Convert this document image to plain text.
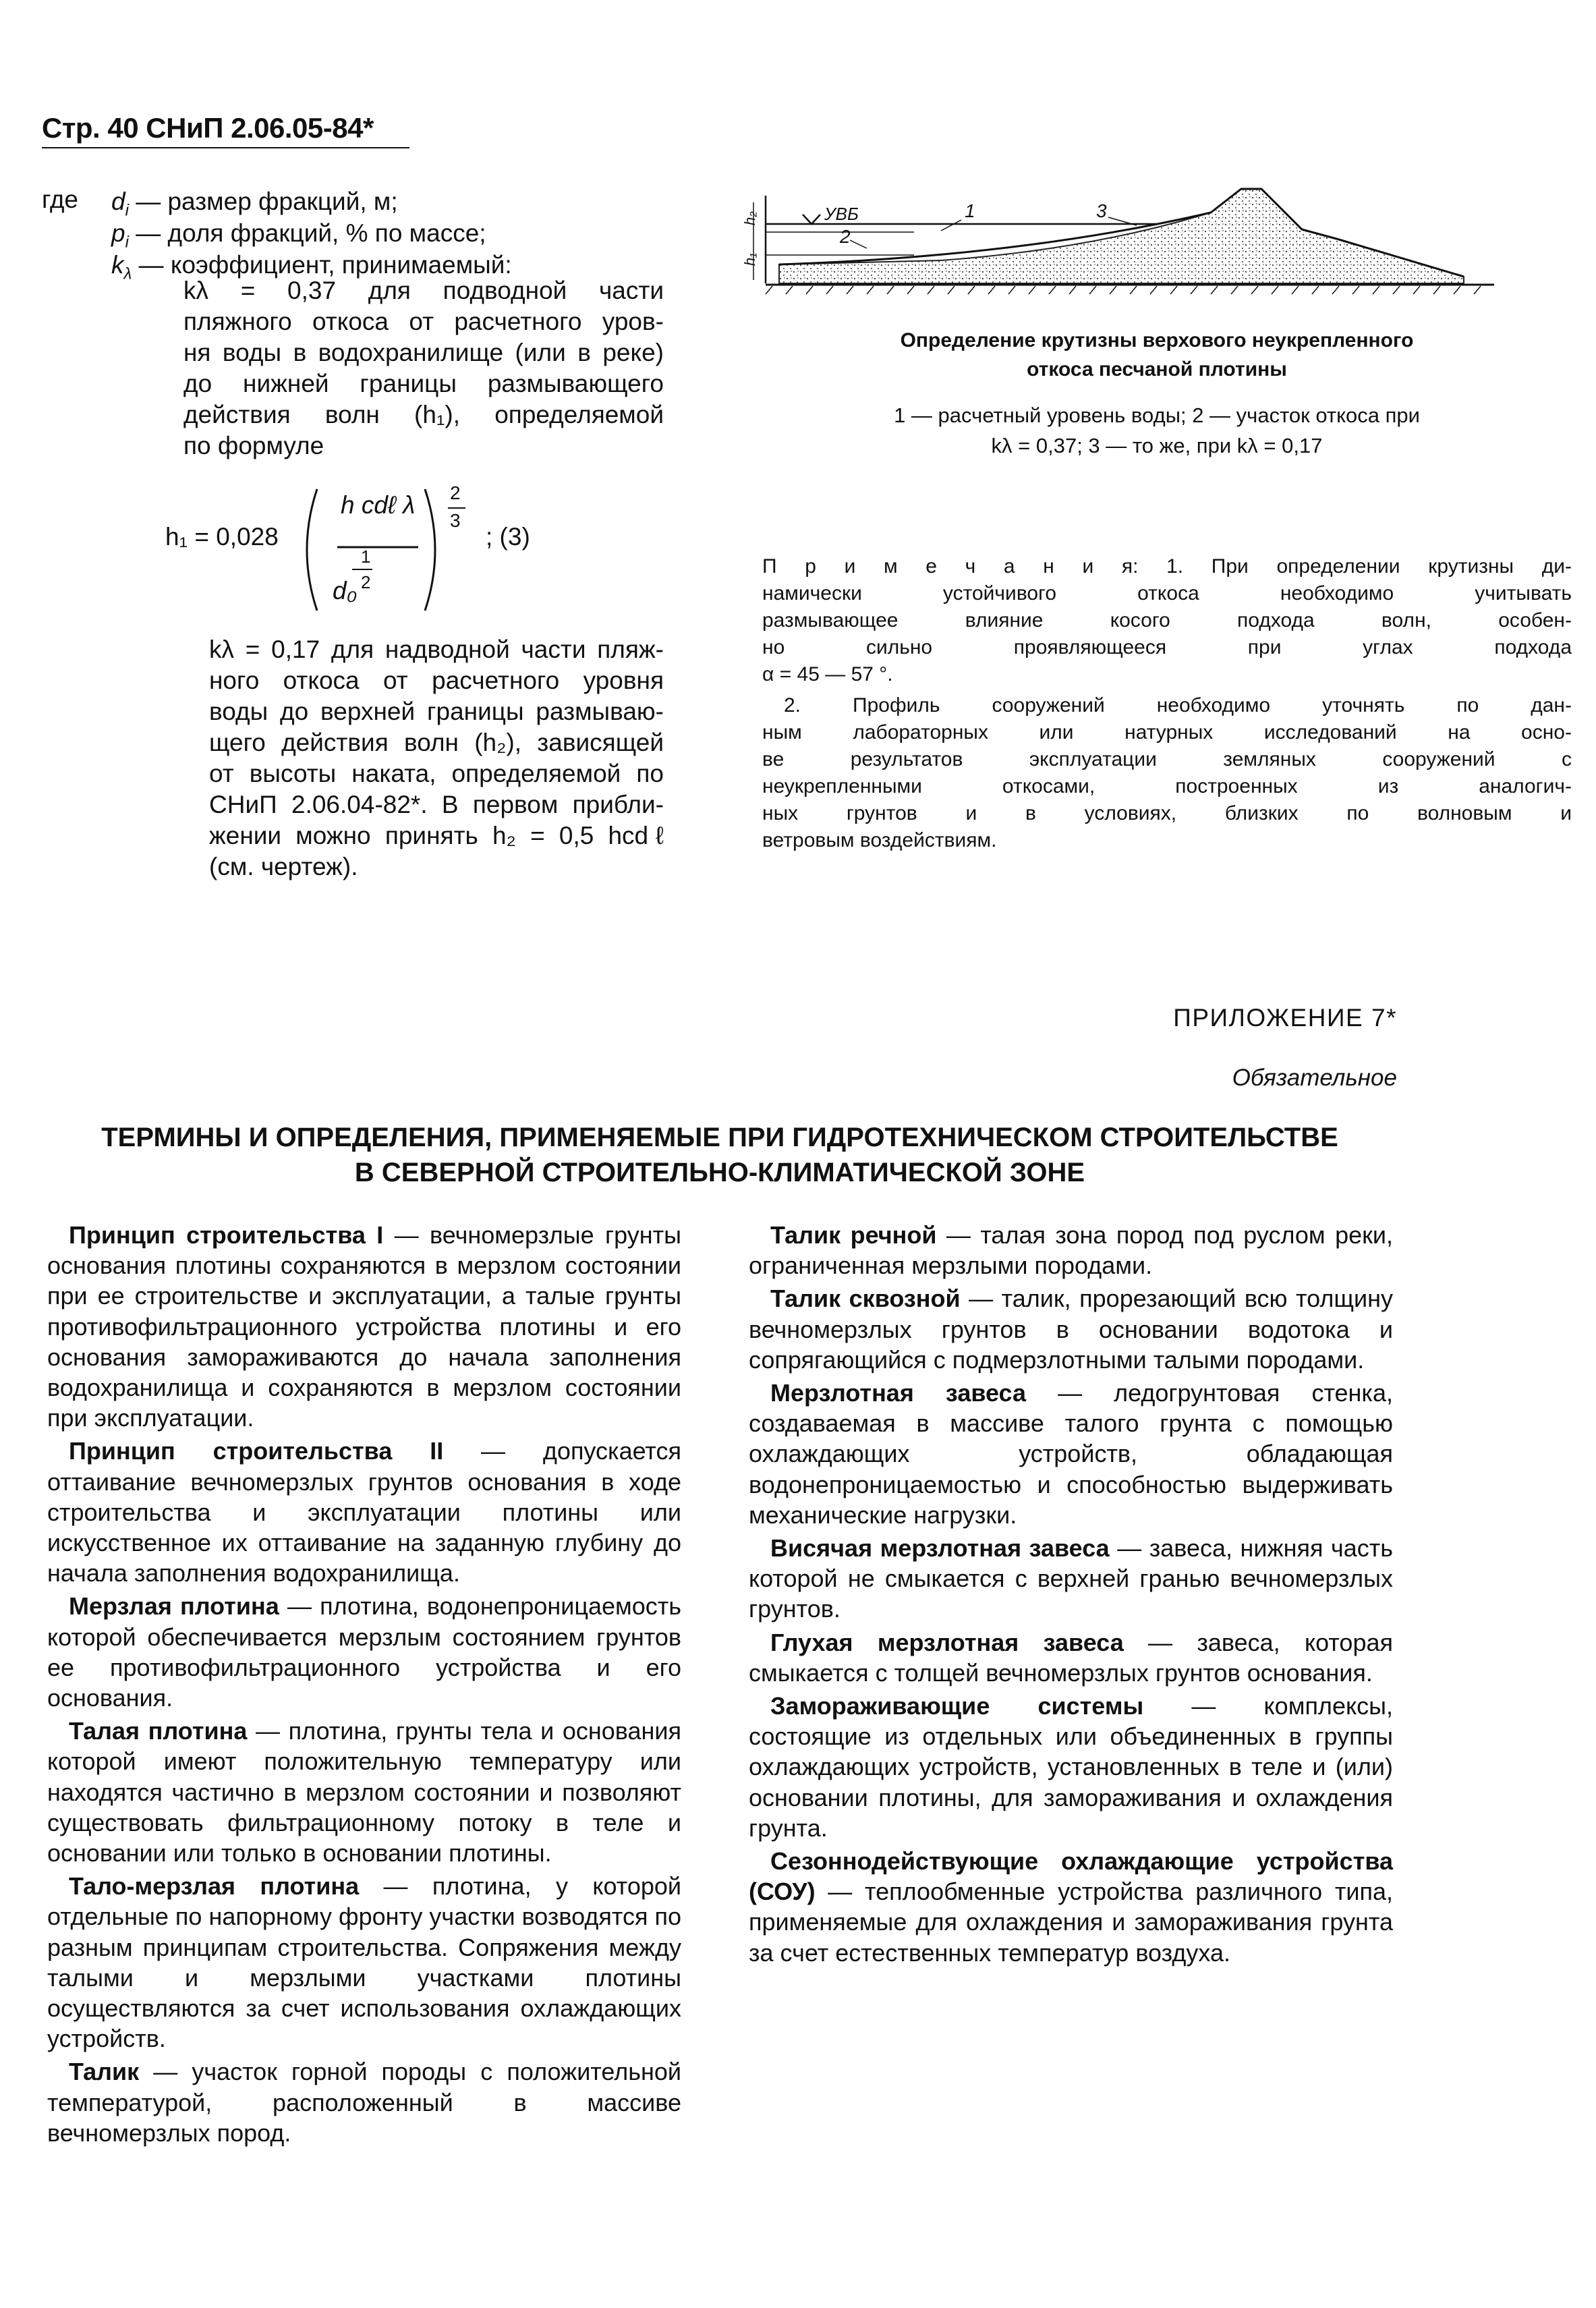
Стр. 40 СНиП 2.06.05-84*
где $d_i$ — размер фракций, м;
$p_i$ — доля фракций, % по массе;
$k_\lambda$ — коэффициент, принимаемый:
kλ = 0,37 для подводной части
пляжного откоса от расчетного уров-
ня воды в водохранилище (или в реке)
до нижней границы размывающего
действия волн (h₁), определяемой
по формуле
h₁ = 0,028
h cdℓ λ
1
2
d₀
2
3
; (3)
kλ = 0,17 для надводной части пляж-
ного откоса от расчетного уровня
воды до верхней границы размываю-
щего действия волн (h₂), зависящей
от высоты наката, определяемой по
СНиП 2.06.04-82*. В первом прибли-
жении можно принять h₂ = 0,5 hcdℓ
(см. чертеж).
УВБ	1
2
3
h₂
h₁
Определение крутизны верхового неукрепленного
откоса песчаной плотины
1 — расчетный уровень воды; 2 — участок откоса при
kλ = 0,37; 3 — то же, при kλ = 0,17
П р и м е ч а н и я: 1. При определении крутизны ди-
намически устойчивого откоса необходимо учитывать
размывающее влияние косого подхода волн, особен-
но сильно проявляющееся при углах подхода
α = 45 — 57 °.
2. Профиль сооружений необходимо уточнять по дан-
ным лабораторных или натурных исследований на осно-
ве результатов эксплуатации земляных сооружений с
неукрепленными откосами, построенных из аналогич-
ных грунтов и в условиях, близких по волновым и
ветровым воздействиям.
ПРИЛОЖЕНИЕ 7*
Обязательное
ТЕРМИНЫ И ОПРЕДЕЛЕНИЯ, ПРИМЕНЯЕМЫЕ ПРИ ГИДРОТЕХНИЧЕСКОМ СТРОИТЕЛЬСТВЕ
В СЕВЕРНОЙ СТРОИТЕЛЬНО-КЛИМАТИЧЕСКОЙ ЗОНЕ

Принцип строительства I — вечномерзлые грунты основания плотины сохраняются в мерзлом состоянии при ее строительстве и эксплуатации, а талые грунты противофильтрационного устройства плотины и его основания замораживаются до начала заполнения водохранилища и сохраняются в мерзлом состоянии при эксплуатации.

Принцип строительства II — допускается оттаивание вечномерзлых грунтов основания в ходе строительства и эксплуатации плотины или искусственное их оттаивание на заданную глубину до начала заполнения водохранилища.

Мерзлая плотина — плотина, водонепроницаемость которой обеспечивается мерзлым состоянием грунтов ее противофильтрационного устройства и его основания.

Талая плотина — плотина, грунты тела и основания которой имеют положительную температуру или находятся частично в мерзлом состоянии и позволяют существовать фильтрационному потоку в теле и основании или только в основании плотины.

Тало-мерзлая плотина — плотина, у которой отдельные по напорному фронту участки возводятся по разным принципам строительства. Сопряжения между талыми и мерзлыми участками плотины осуществляются за счет использования охлаждающих устройств.

Талик — участок горной породы с положительной температурой, расположенный в массиве вечномерзлых пород.

Талик речной — талая зона пород под руслом реки, ограниченная мерзлыми породами.

Талик сквозной — талик, прорезающий всю толщину вечномерзлых грунтов в основании водотока и сопрягающийся с подмерзлотными талыми породами.

Мерзлотная завеса — ледогрунтовая стенка, создаваемая в массиве талого грунта с помощью охлаждающих устройств, обладающая водонепроницаемостью и способностью выдерживать механические нагрузки.

Висячая мерзлотная завеса — завеса, нижняя часть которой не смыкается с верхней гранью вечномерзлых грунтов.

Глухая мерзлотная завеса — завеса, которая смыкается с толщей вечномерзлых грунтов основания.

Замораживающие системы — комплексы, состоящие из отдельных или объединенных в группы охлаждающих устройств, установленных в теле и (или) основании плотины, для замораживания и охлаждения грунта.

Сезоннодействующие охлаждающие устройства (СОУ) — теплообменные устройства различного типа, применяемые для охлаждения и замораживания грунта за счет естественных температур воздуха.
